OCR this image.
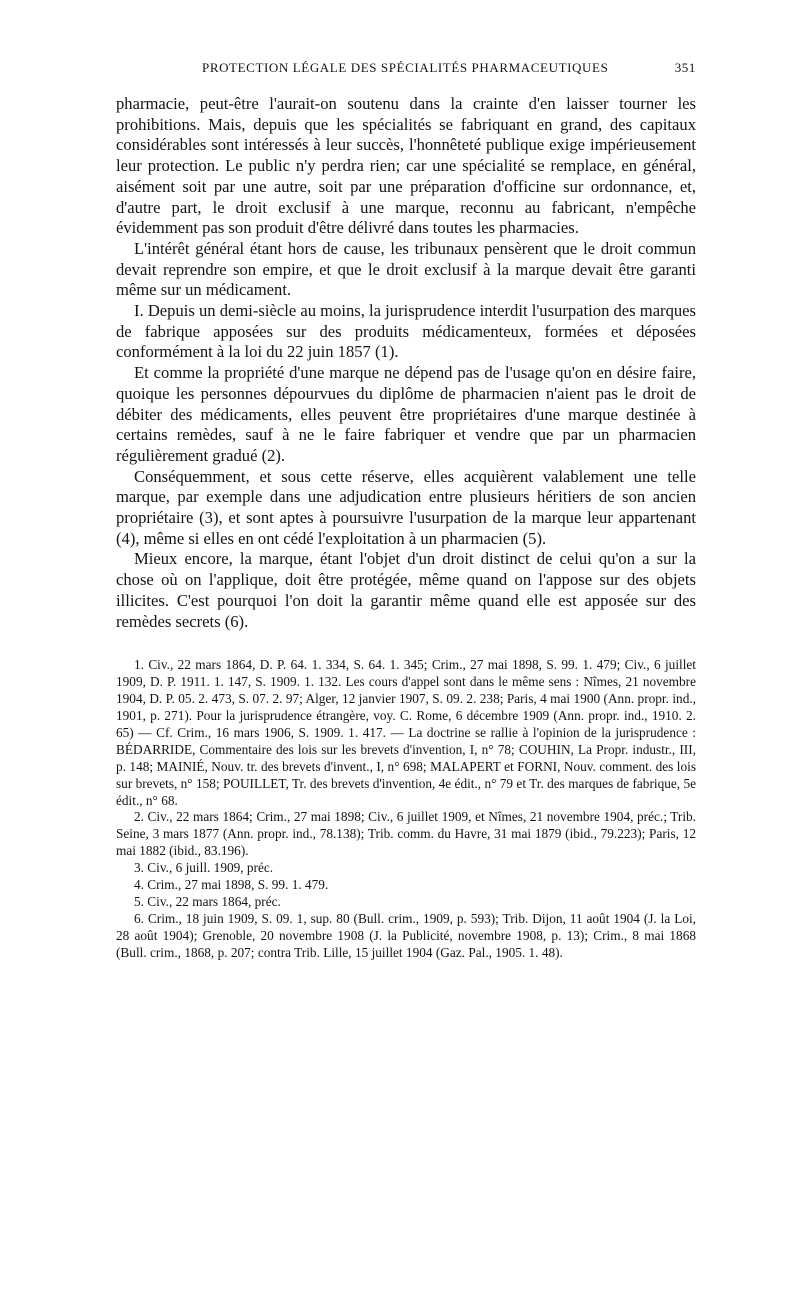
PROTECTION LÉGALE DES SPÉCIALITÉS PHARMACEUTIQUES	351

pharmacie, peut-être l'aurait-on soutenu dans la crainte d'en laisser tourner les prohibitions. Mais, depuis que les spécialités se fabriquant en grand, des capitaux considérables sont intéressés à leur succès, l'honnêteté publique exige impérieusement leur protection. Le public n'y perdra rien; car une spécialité se remplace, en général, aisément soit par une autre, soit par une préparation d'officine sur ordonnance, et, d'autre part, le droit exclusif à une marque, reconnu au fabricant, n'empêche évidemment pas son produit d'être délivré dans toutes les pharmacies.

L'intérêt général étant hors de cause, les tribunaux pensèrent que le droit commun devait reprendre son empire, et que le droit exclusif à la marque devait être garanti même sur un médicament.

I. Depuis un demi-siècle au moins, la jurisprudence interdit l'usurpation des marques de fabrique apposées sur des produits médicamenteux, formées et déposées conformément à la loi du 22 juin 1857 (1).

Et comme la propriété d'une marque ne dépend pas de l'usage qu'on en désire faire, quoique les personnes dépourvues du diplôme de pharmacien n'aient pas le droit de débiter des médicaments, elles peuvent être propriétaires d'une marque destinée à certains remèdes, sauf à ne le faire fabriquer et vendre que par un pharmacien régulièrement gradué (2).

Conséquemment, et sous cette réserve, elles acquièrent valablement une telle marque, par exemple dans une adjudication entre plusieurs héritiers de son ancien propriétaire (3), et sont aptes à poursuivre l'usurpation de la marque leur appartenant (4), même si elles en ont cédé l'exploitation à un pharmacien (5).

Mieux encore, la marque, étant l'objet d'un droit distinct de celui qu'on a sur la chose où on l'applique, doit être protégée, même quand on l'appose sur des objets illicites. C'est pourquoi l'on doit la garantir même quand elle est apposée sur des remèdes secrets (6).

1. Civ., 22 mars 1864, D. P. 64. 1. 334, S. 64. 1. 345; Crim., 27 mai 1898, S. 99. 1. 479; Civ., 6 juillet 1909, D. P. 1911. 1. 147, S. 1909. 1. 132. Les cours d'appel sont dans le même sens : Nîmes, 21 novembre 1904, D. P. 05. 2. 473, S. 07. 2. 97; Alger, 12 janvier 1907, S. 09. 2. 238; Paris, 4 mai 1900 (Ann. propr. ind., 1901, p. 271). Pour la jurisprudence étrangère, voy. C. Rome, 6 décembre 1909 (Ann. propr. ind., 1910. 2. 65) — Cf. Crim., 16 mars 1906, S. 1909. 1. 417. — La doctrine se rallie à l'opinion de la jurisprudence : BÉDARRIDE, Commentaire des lois sur les brevets d'invention, I, n° 78; COUHIN, La Propr. industr., III, p. 148; MAINIÉ, Nouv. tr. des brevets d'invent., I, n° 698; MALAPERT et FORNI, Nouv. comment. des lois sur brevets, n° 158; POUILLET, Tr. des brevets d'invention, 4e édit., n° 79 et Tr. des marques de fabrique, 5e édit., n° 68.

2. Civ., 22 mars 1864; Crim., 27 mai 1898; Civ., 6 juillet 1909, et Nîmes, 21 novembre 1904, préc.; Trib. Seine, 3 mars 1877 (Ann. propr. ind., 78.138); Trib. comm. du Havre, 31 mai 1879 (ibid., 79.223); Paris, 12 mai 1882 (ibid., 83.196).

3. Civ., 6 juill. 1909, préc.

4. Crim., 27 mai 1898, S. 99. 1. 479.

5. Civ., 22 mars 1864, préc.

6. Crim., 18 juin 1909, S. 09. 1, sup. 80 (Bull. crim., 1909, p. 593); Trib. Dijon, 11 août 1904 (J. la Loi, 28 août 1904); Grenoble, 20 novembre 1908 (J. la Publicité, novembre 1908, p. 13); Crim., 8 mai 1868 (Bull. crim., 1868, p. 207; contra Trib. Lille, 15 juillet 1904 (Gaz. Pal., 1905. 1. 48).
